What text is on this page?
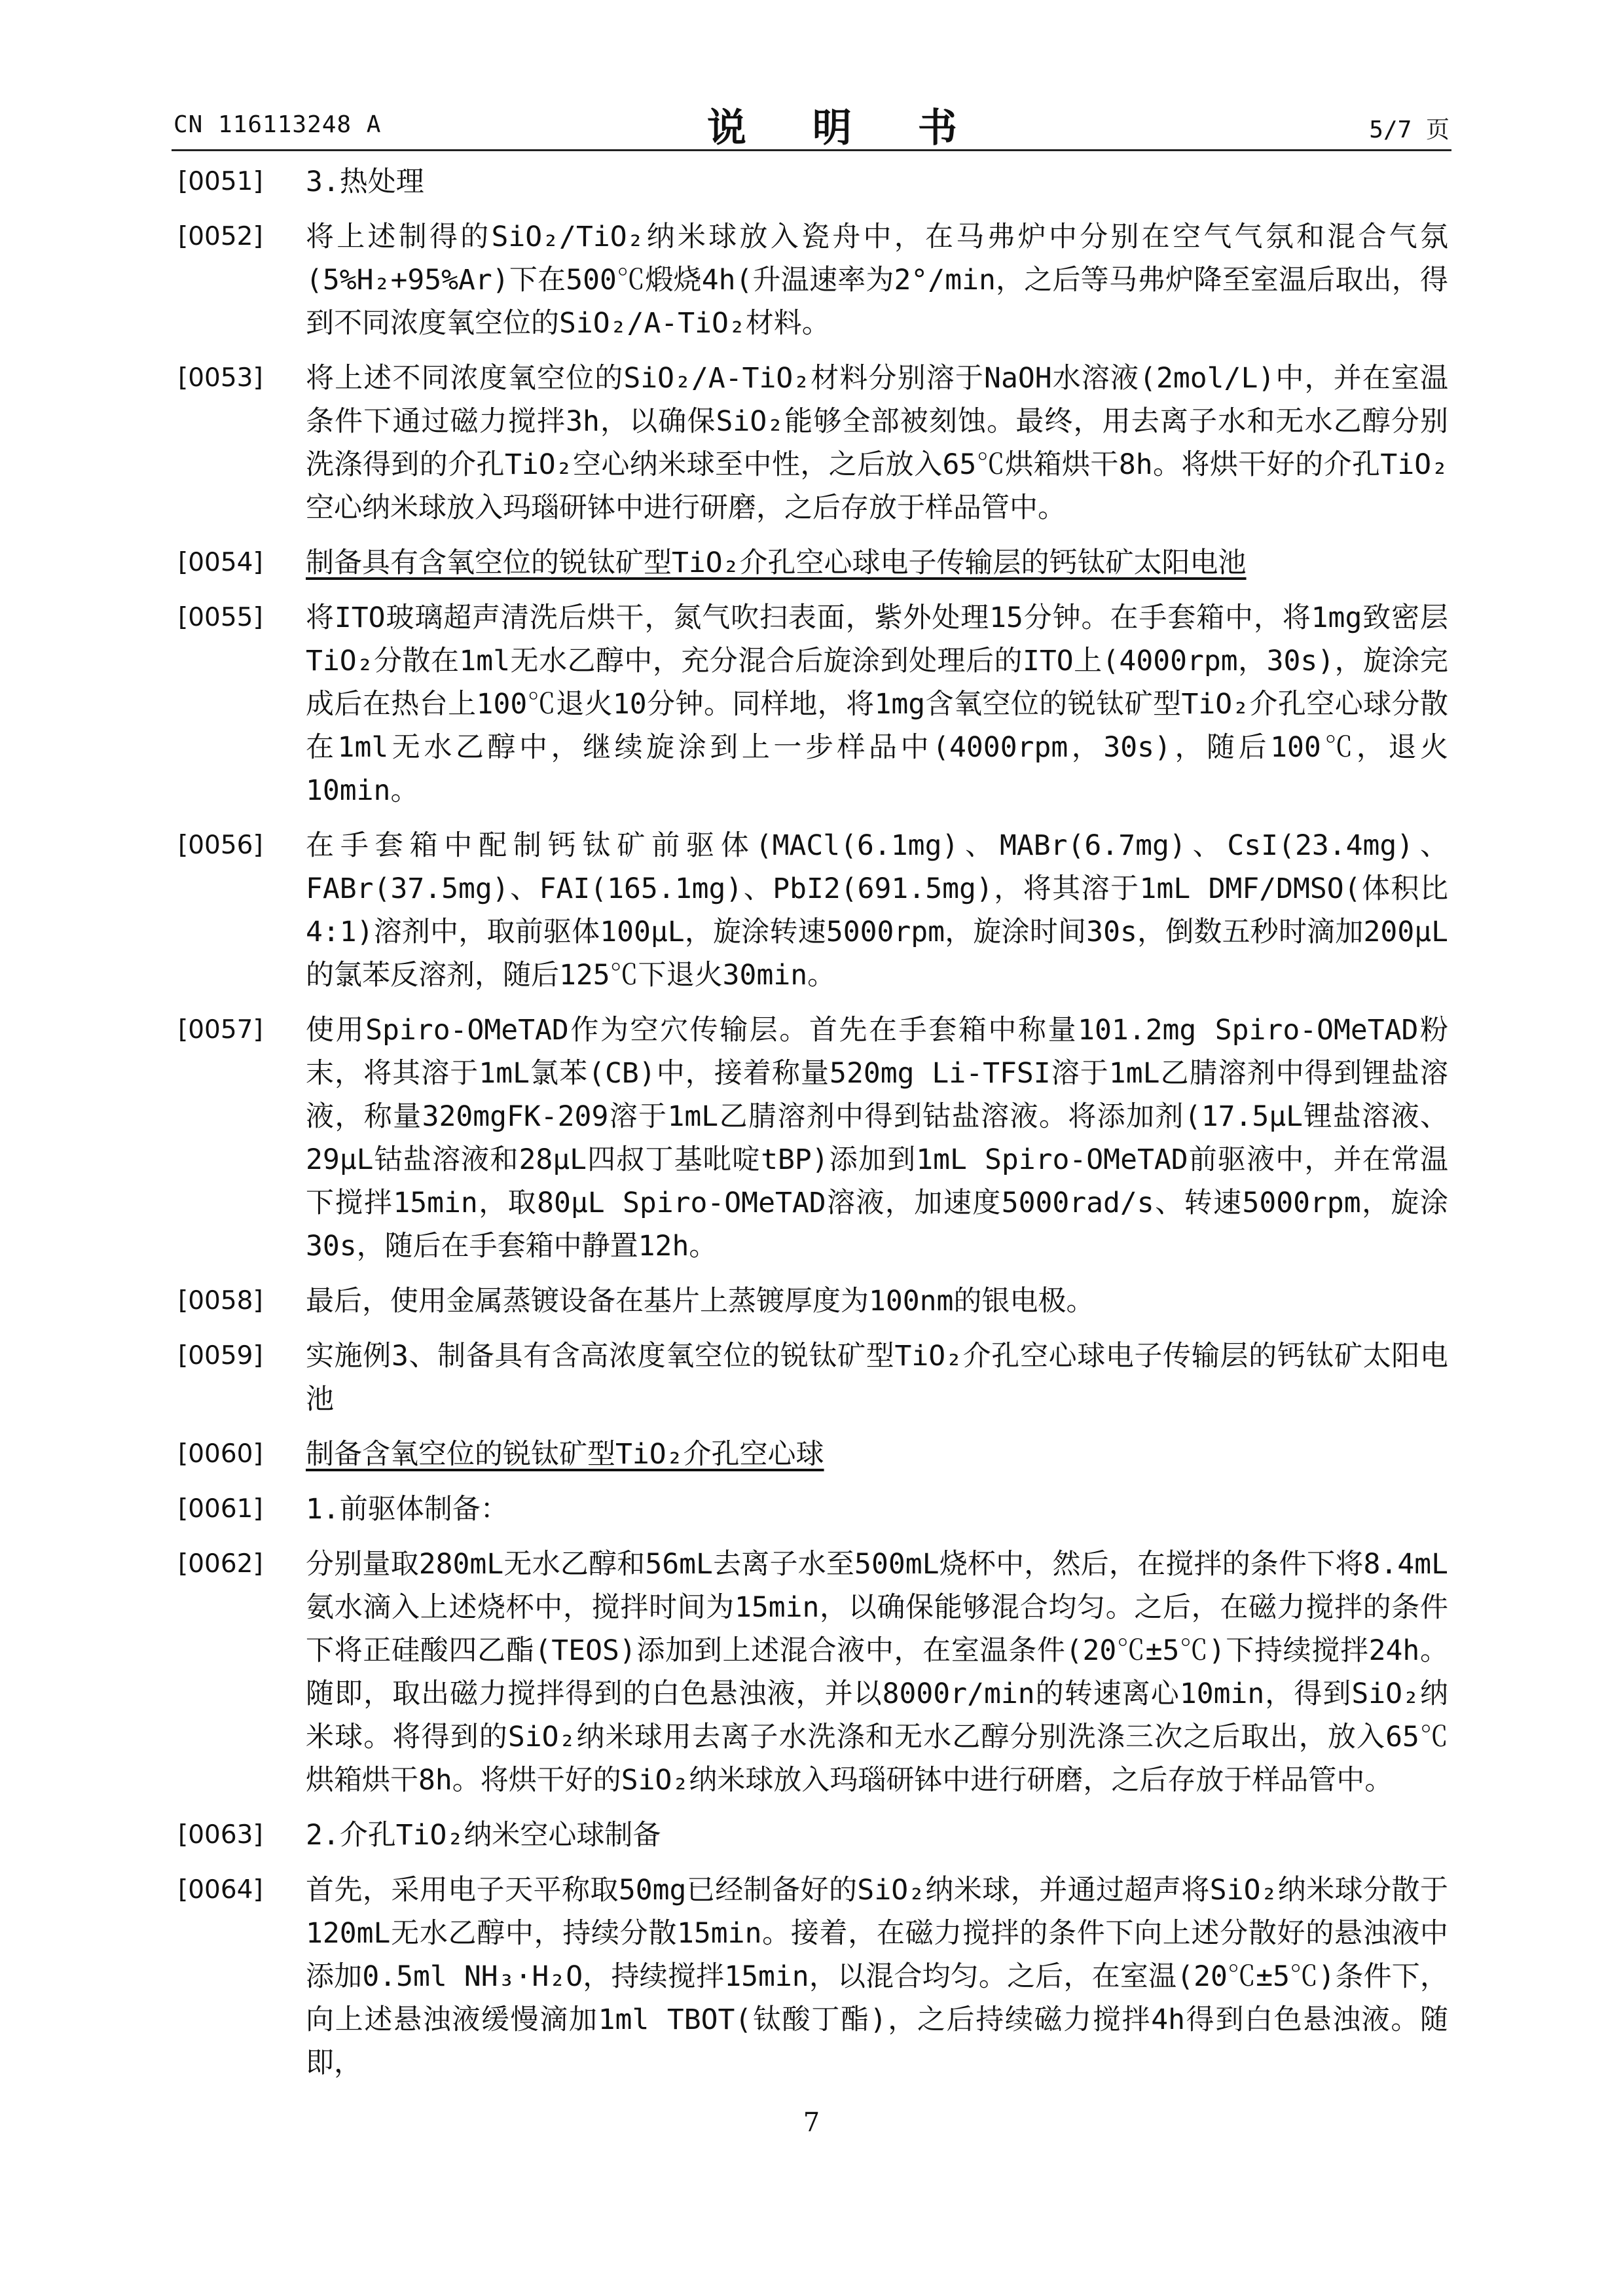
CN 116113248 A	说 明 书	5/7 页
[0051]	3.热处理
[0052]	将上述制得的SiO₂/TiO₂纳米球放入瓷舟中，在马弗炉中分别在空气气氛和混合气氛(5%H₂+95%Ar)下在500℃煅烧4h(升温速率为2°/min，之后等马弗炉降至室温后取出，得到不同浓度氧空位的SiO₂/A-TiO₂材料。
[0053]	将上述不同浓度氧空位的SiO₂/A-TiO₂材料分别溶于NaOH水溶液(2mol/L)中，并在室温条件下通过磁力搅拌3h，以确保SiO₂能够全部被刻蚀。最终，用去离子水和无水乙醇分别洗涤得到的介孔TiO₂空心纳米球至中性，之后放入65℃烘箱烘干8h。将烘干好的介孔TiO₂空心纳米球放入玛瑙研钵中进行研磨，之后存放于样品管中。
[0054]	制备具有含氧空位的锐钛矿型TiO₂介孔空心球电子传输层的钙钛矿太阳电池
[0055]	将ITO玻璃超声清洗后烘干，氮气吹扫表面，紫外处理15分钟。在手套箱中，将1mg致密层TiO₂分散在1ml无水乙醇中，充分混合后旋涂到处理后的ITO上(4000rpm，30s)，旋涂完成后在热台上100℃退火10分钟。同样地，将1mg含氧空位的锐钛矿型TiO₂介孔空心球分散在1ml无水乙醇中，继续旋涂到上一步样品中(4000rpm，30s)，随后100℃，退火10min。
[0056]	在手套箱中配制钙钛矿前驱体(MACl(6.1mg)、MABr(6.7mg)、CsI(23.4mg)、FABr(37.5mg)、FAI(165.1mg)、PbI2(691.5mg)，将其溶于1mL DMF/DMSO(体积比4:1)溶剂中，取前驱体100μL，旋涂转速5000rpm，旋涂时间30s，倒数五秒时滴加200μL的氯苯反溶剂，随后125℃下退火30min。
[0057]	使用Spiro-OMeTAD作为空穴传输层。首先在手套箱中称量101.2mg Spiro-OMeTAD粉末，将其溶于1mL氯苯(CB)中，接着称量520mg Li-TFSI溶于1mL乙腈溶剂中得到锂盐溶液，称量320mgFK-209溶于1mL乙腈溶剂中得到钴盐溶液。将添加剂(17.5μL锂盐溶液、29μL钴盐溶液和28μL四叔丁基吡啶tBP)添加到1mL Spiro-OMeTAD前驱液中，并在常温下搅拌15min，取80μL Spiro-OMeTAD溶液，加速度5000rad/s、转速5000rpm，旋涂30s，随后在手套箱中静置12h。
[0058]	最后，使用金属蒸镀设备在基片上蒸镀厚度为100nm的银电极。
[0059]	实施例3、制备具有含高浓度氧空位的锐钛矿型TiO₂介孔空心球电子传输层的钙钛矿太阳电池
[0060]	制备含氧空位的锐钛矿型TiO₂介孔空心球
[0061]	1.前驱体制备：
[0062]	分别量取280mL无水乙醇和56mL去离子水至500mL烧杯中，然后，在搅拌的条件下将8.4mL氨水滴入上述烧杯中，搅拌时间为15min，以确保能够混合均匀。之后，在磁力搅拌的条件下将正硅酸四乙酯(TEOS)添加到上述混合液中，在室温条件(20℃±5℃)下持续搅拌24h。随即，取出磁力搅拌得到的白色悬浊液，并以8000r/min的转速离心10min，得到SiO₂纳米球。将得到的SiO₂纳米球用去离子水洗涤和无水乙醇分别洗涤三次之后取出，放入65℃烘箱烘干8h。将烘干好的SiO₂纳米球放入玛瑙研钵中进行研磨，之后存放于样品管中。
[0063]	2.介孔TiO₂纳米空心球制备
[0064]	首先，采用电子天平称取50mg已经制备好的SiO₂纳米球，并通过超声将SiO₂纳米球分散于120mL无水乙醇中，持续分散15min。接着，在磁力搅拌的条件下向上述分散好的悬浊液中添加0.5ml NH₃·H₂O，持续搅拌15min，以混合均匀。之后，在室温(20℃±5℃)条件下，向上述悬浊液缓慢滴加1ml TBOT(钛酸丁酯)，之后持续磁力搅拌4h得到白色悬浊液。随即，
7
